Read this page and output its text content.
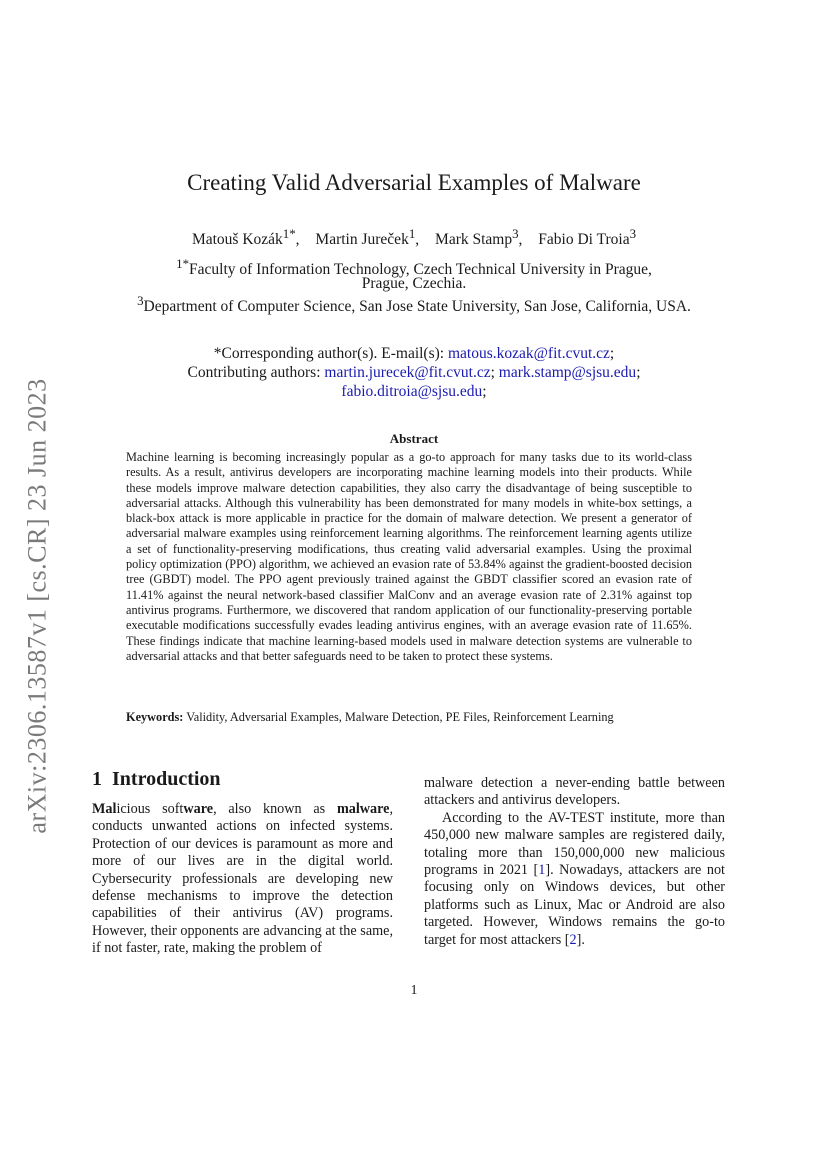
arXiv:2306.13587v1 [cs.CR] 23 Jun 2023
Creating Valid Adversarial Examples of Malware
Matouš Kozák$^{1*}$, Martin Jureček$^1$, Mark Stamp$^3$, Fabio Di Troia$^3$
$^{1*}$Faculty of Information Technology, Czech Technical University in Prague,
Prague, Czechia.
$^3$Department of Computer Science, San Jose State University, San Jose, California, USA.
*Corresponding author(s). E-mail(s): matous.kozak@fit.cvut.cz;
Contributing authors: martin.jurecek@fit.cvut.cz; mark.stamp@sjsu.edu;
fabio.ditroia@sjsu.edu;
Abstract

Machine learning is becoming increasingly popular as a go-to approach for many tasks due to its world-class results. As a result, antivirus developers are incorporating machine learning models into their products. While these models improve malware detection capabilities, they also carry the disadvantage of being susceptible to adversarial attacks. Although this vulnerability has been demonstrated for many models in white-box settings, a black-box attack is more applicable in practice for the domain of malware detection. We present a generator of adversarial malware examples using reinforcement learning algorithms. The reinforcement learning agents utilize a set of functionality-preserving modifications, thus creating valid adversarial examples. Using the proximal policy optimization (PPO) algorithm, we achieved an evasion rate of 53.84% against the gradient-boosted decision tree (GBDT) model. The PPO agent previously trained against the GBDT classifier scored an evasion rate of 11.41% against the neural network-based classifier MalConv and an average evasion rate of 2.31% against top antivirus programs. Furthermore, we discovered that random application of our functionality-preserving portable executable modifications successfully evades leading antivirus engines, with an average evasion rate of 11.65%. These findings indicate that machine learning-based models used in malware detection systems are vulnerable to adversarial attacks and that better safeguards need to be taken to protect these systems.

Keywords: Validity, Adversarial Examples, Malware Detection, PE Files, Reinforcement Learning
1 Introduction

Malicious software, also known as malware, conducts unwanted actions on infected systems. Protection of our devices is paramount as more and more of our lives are in the digital world. Cybersecurity professionals are developing new defense mechanisms to improve the detection capabilities of their antivirus (AV) programs. However, their opponents are advancing at the same, if not faster, rate, making the problem of

malware detection a never-ending battle between attackers and antivirus developers.

According to the AV-TEST institute, more than 450,000 new malware samples are registered daily, totaling more than 150,000,000 new malicious programs in 2021 [1]. Nowadays, attackers are not focusing only on Windows devices, but other platforms such as Linux, Mac or Android are also targeted. However, Windows remains the go-to target for most attackers [2].

1
